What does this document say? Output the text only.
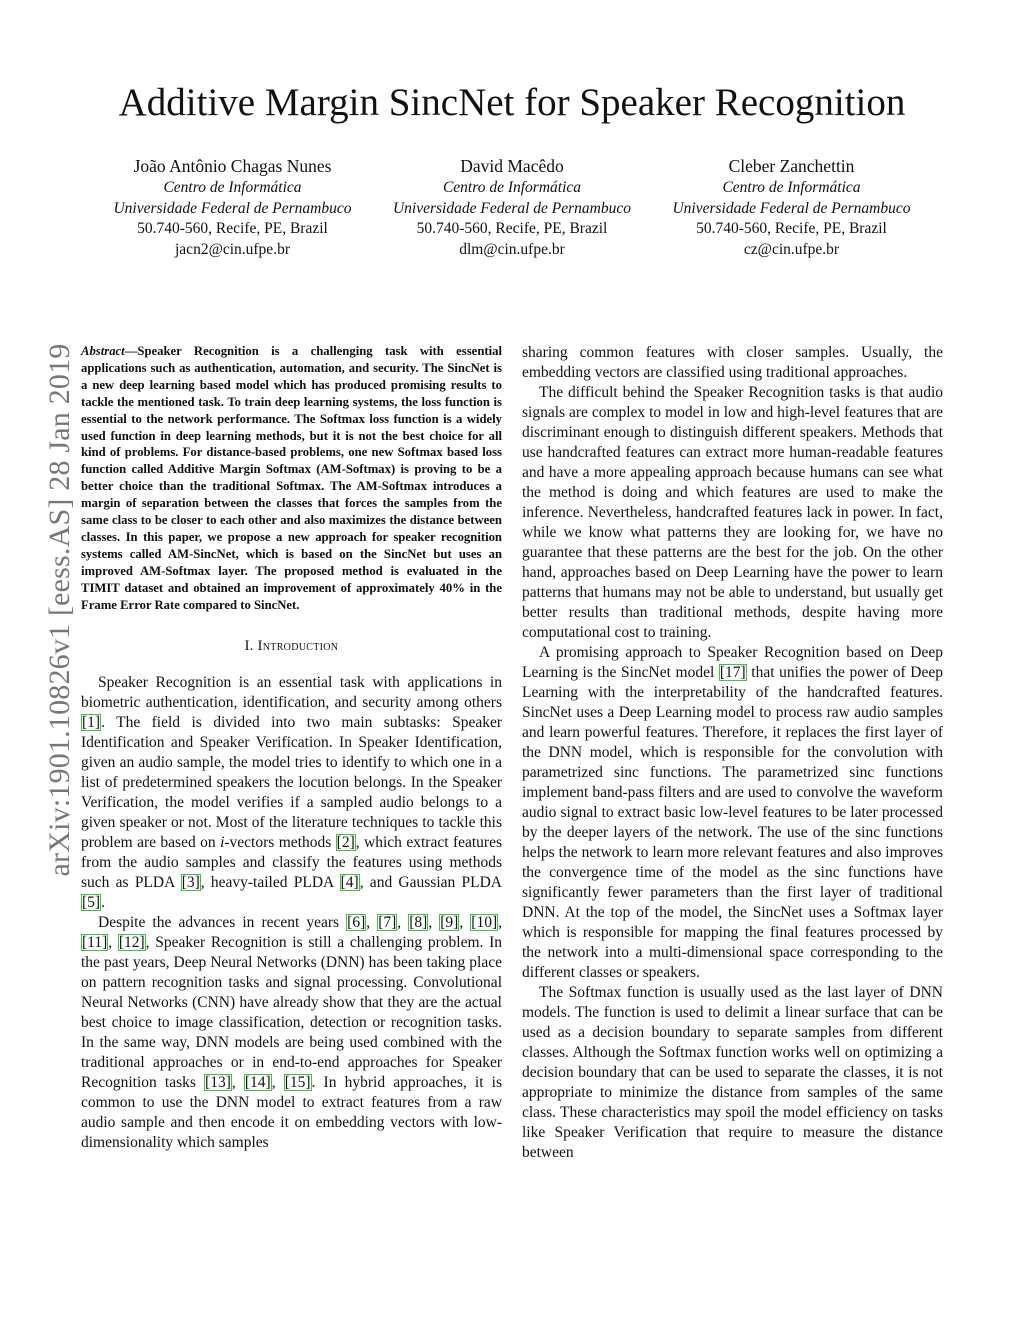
arXiv:1901.10826v1 [eess.AS] 28 Jan 2019
Additive Margin SincNet for Speaker Recognition
João Antônio Chagas Nunes
Centro de Informática
Universidade Federal de Pernambuco
50.740-560, Recife, PE, Brazil
jacn2@cin.ufpe.br
David Macêdo
Centro de Informática
Universidade Federal de Pernambuco
50.740-560, Recife, PE, Brazil
dlm@cin.ufpe.br
Cleber Zanchettin
Centro de Informática
Universidade Federal de Pernambuco
50.740-560, Recife, PE, Brazil
cz@cin.ufpe.br

Abstract—Speaker Recognition is a challenging task with essential applications such as authentication, automation, and security. The SincNet is a new deep learning based model which has produced promising results to tackle the mentioned task. To train deep learning systems, the loss function is essential to the network performance. The Softmax loss function is a widely used function in deep learning methods, but it is not the best choice for all kind of problems. For distance-based problems, one new Softmax based loss function called Additive Margin Softmax (AM-Softmax) is proving to be a better choice than the traditional Softmax. The AM-Softmax introduces a margin of separation between the classes that forces the samples from the same class to be closer to each other and also maximizes the distance between classes. In this paper, we propose a new approach for speaker recognition systems called AM-SincNet, which is based on the SincNet but uses an improved AM-Softmax layer. The proposed method is evaluated in the TIMIT dataset and obtained an improvement of approximately 40% in the Frame Error Rate compared to SincNet.

I. Introduction

Speaker Recognition is an essential task with applications in biometric authentication, identification, and security among others [1]. The field is divided into two main subtasks: Speaker Identification and Speaker Verification. In Speaker Identification, given an audio sample, the model tries to identify to which one in a list of predetermined speakers the locution belongs. In the Speaker Verification, the model verifies if a sampled audio belongs to a given speaker or not. Most of the literature techniques to tackle this problem are based on i-vectors methods [2], which extract features from the audio samples and classify the features using methods such as PLDA [3], heavy-tailed PLDA [4], and Gaussian PLDA [5].

Despite the advances in recent years [6], [7], [8], [9], [10], [11], [12], Speaker Recognition is still a challenging problem. In the past years, Deep Neural Networks (DNN) has been taking place on pattern recognition tasks and signal processing. Convolutional Neural Networks (CNN) have already show that they are the actual best choice to image classification, detection or recognition tasks. In the same way, DNN models are being used combined with the traditional approaches or in end-to-end approaches for Speaker Recognition tasks [13], [14], [15]. In hybrid approaches, it is common to use the DNN model to extract features from a raw audio sample and then encode it on embedding vectors with low-dimensionality which samples

sharing common features with closer samples. Usually, the embedding vectors are classified using traditional approaches.

The difficult behind the Speaker Recognition tasks is that audio signals are complex to model in low and high-level features that are discriminant enough to distinguish different speakers. Methods that use handcrafted features can extract more human-readable features and have a more appealing approach because humans can see what the method is doing and which features are used to make the inference. Nevertheless, handcrafted features lack in power. In fact, while we know what patterns they are looking for, we have no guarantee that these patterns are the best for the job. On the other hand, approaches based on Deep Learning have the power to learn patterns that humans may not be able to understand, but usually get better results than traditional methods, despite having more computational cost to training.

A promising approach to Speaker Recognition based on Deep Learning is the SincNet model [17] that unifies the power of Deep Learning with the interpretability of the handcrafted features. SincNet uses a Deep Learning model to process raw audio samples and learn powerful features. Therefore, it replaces the first layer of the DNN model, which is responsible for the convolution with parametrized sinc functions. The parametrized sinc functions implement band-pass filters and are used to convolve the waveform audio signal to extract basic low-level features to be later processed by the deeper layers of the network. The use of the sinc functions helps the network to learn more relevant features and also improves the convergence time of the model as the sinc functions have significantly fewer parameters than the first layer of traditional DNN. At the top of the model, the SincNet uses a Softmax layer which is responsible for mapping the final features processed by the network into a multi-dimensional space corresponding to the different classes or speakers.

The Softmax function is usually used as the last layer of DNN models. The function is used to delimit a linear surface that can be used as a decision boundary to separate samples from different classes. Although the Softmax function works well on optimizing a decision boundary that can be used to separate the classes, it is not appropriate to minimize the distance from samples of the same class. These characteristics may spoil the model efficiency on tasks like Speaker Verification that require to measure the distance between
